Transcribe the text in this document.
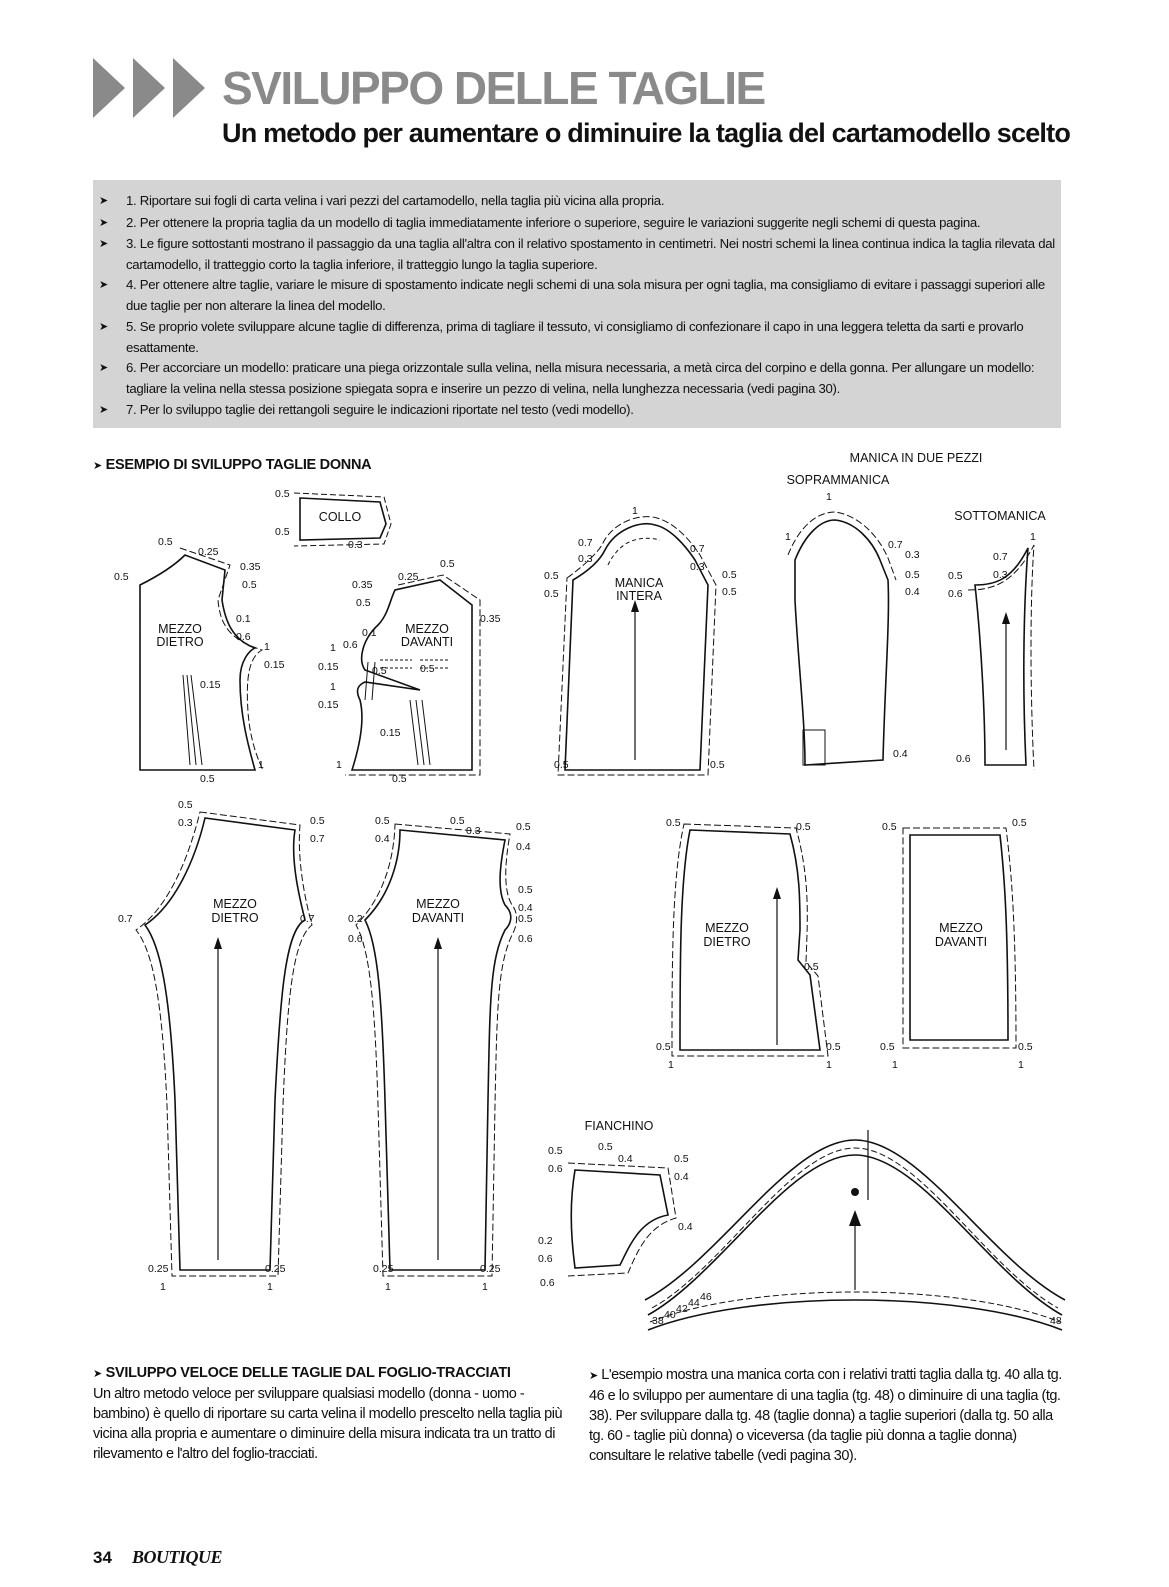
SVILUPPO DELLE TAGLIE
Un metodo per aumentare o diminuire la taglia del cartamodello scelto
➤ 1. Riportare sui fogli di carta velina i vari pezzi del cartamodello, nella taglia più vicina alla propria.
➤ 2. Per ottenere la propria taglia da un modello di taglia immediatamente inferiore o superiore, seguire le variazioni suggerite negli schemi di questa pagina.
➤ 3. Le figure sottostanti mostrano il passaggio da una taglia all'altra con il relativo spostamento in centimetri. Nei nostri schemi la linea continua indica la taglia rilevata dal cartamodello, il tratteggio corto la taglia inferiore, il tratteggio lungo la taglia superiore.
➤ 4. Per ottenere altre taglie, variare le misure di spostamento indicate negli schemi di una sola misura per ogni taglia, ma consigliamo di evitare i passaggi superiori alle due taglie per non alterare la linea del modello.
➤ 5. Se proprio volete sviluppare alcune taglie di differenza, prima di tagliare il tessuto, vi consigliamo di confezionare il capo in una leggera teletta da sarti e provarlo esattamente.
➤ 6. Per accorciare un modello: praticare una piega orizzontale sulla velina, nella misura necessaria, a metà circa del corpino e della gonna. Per allungare un modello: tagliare la velina nella stessa posizione spiegata sopra e inserire un pezzo di velina, nella lunghezza necessaria (vedi pagina 30).
➤ 7. Per lo sviluppo taglie dei rettangoli seguire le indicazioni riportate nel testo (vedi modello).
➤ ESEMPIO DI SVILUPPO TAGLIE DONNA
0.5
0.5
0.3
0.5
0.25
0.35
0.5
0.5
0.1
0.6
1
0.15
0.15
0.5
1
0.5
0.25
0.35
0.5
0.35
0.1
0.6
0.5	0.5
1
0.15
1
0.15
0.15
1
0.5
1
0.7
0.3
0.7
0.3
0.5
0.5
0.5
0.5
0.5	0.5
1
1
0.7
0.3
0.5
0.4
0.4
0.7
0.3
1
0.5
0.6
0.6
0.5
0.3	0.5
0.7
0.7	0.7
0.25
1
0.25
1
0.5
0.4
0.5
0.3	0.5
0.4
0.5
0.4
0.2
0.6
0.5
0.6
0.25
1
0.25
1
0.5	0.5
0.5
0.5
1
0.5
1
0.5	0.5
0.5
1
0.5
1
0.5
0.6
0.5
0.4	0.5
0.4
0.4
0.2
0.6
0.6
COLLO
MEZZO
DIETRO
MEZZO
DAVANTI
MANICA
INTERA
MANICA IN DUE PEZZI
SOPRAMMANICA
SOTTOMANICA
MEZZO
DIETRO
MEZZO
DAVANTI
MEZZO
DIETRO
MEZZO
DAVANTI
FIANCHINO
38 40 42 44 46
48
➤ SVILUPPO VELOCE DELLE TAGLIE DAL FOGLIO-TRACCIATI
Un altro metodo veloce per sviluppare qualsiasi modello (donna - uomo - bambino) è quello di riportare su carta velina il modello prescelto nella taglia più vicina alla propria e aumentare o diminuire della misura indicata tra un tratto di rilevamento e l'altro del foglio-tracciati.
➤ L'esempio mostra una manica corta con i relativi tratti taglia dalla tg. 40 alla tg. 46 e lo sviluppo per aumentare di una taglia (tg. 48) o diminuire di una taglia (tg. 38). Per sviluppare dalla tg. 48 (taglie donna) a taglie superiori (dalla tg. 50 alla tg. 60 - taglie più donna) o viceversa (da taglie più donna a taglie donna) consultare le relative tabelle (vedi pagina 30).
34 BOUTIQUE
